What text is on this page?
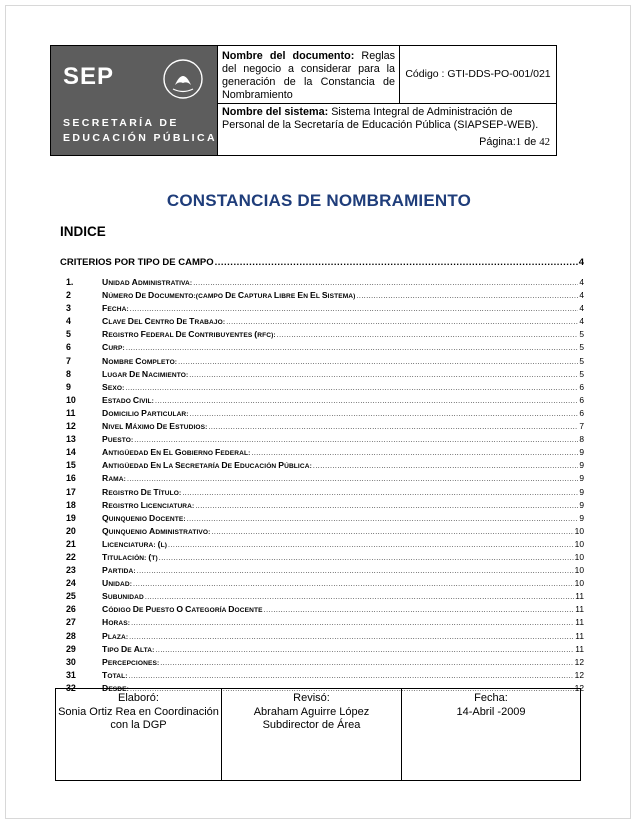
SEP
SECRETARÍA DE
EDUCACIÓN PÚBLICA
Nombre del documento: Reglas del negocio a considerar para la generación de la Constancia de Nombramiento
Código : GTI-DDS-PO-001/021
Nombre del sistema: Sistema Integral de Administración de Personal de la Secretaría de Educación Pública (SIAPSEP-WEB).
Página:1 de 42
CONSTANCIAS DE NOMBRAMIENTO
INDICE
CRITERIOS POR TIPO DE CAMPO .....	4
1.	UNIDAD ADMINISTRATIVA: .....	4
2	NÚMERO DE DOCUMENTO:(CAMPO DE CAPTURA LIBRE EN EL SISTEMA) .....	4
3	FECHA: .....	4
4	CLAVE DEL CENTRO DE TRABAJO: .....	4
5	REGISTRO FEDERAL DE CONTRIBUYENTES (RFC): .....	5
6	CURP: .....	5
7	NOMBRE COMPLETO: .....	5
8	LUGAR DE NACIMIENTO: .....	5
9	SEXO: .....	6
10	ESTADO CIVIL: .....	6
11	DOMICILIO PARTICULAR: .....	6
12	NIVEL MÁXIMO DE ESTUDIOS: .....	7
13	PUESTO: .....	8
14	ANTIGÜEDAD EN EL GOBIERNO FEDERAL: .....	9
15	ANTIGÜEDAD EN LA SECRETARÍA DE EDUCACIÓN PÚBLICA: .....	9
16	RAMA: .....	9
17	REGISTRO DE TÍTULO: .....	9
18	REGISTRO LICENCIATURA: .....	9
19	QUINQUENIO DOCENTE: .....	9
20	QUINQUENIO ADMINISTRATIVO: .....	10
21	LICENCIATURA: (L) .....	10
22	TITULACIÓN: (T) .....	10
23	PARTIDA: .....	10
24	UNIDAD: .....	10
25	SUBUNIDAD .....	11
26	CÓDIGO DE PUESTO O CATEGORÍA DOCENTE .....	11
27	HORAS: .....	11
28	PLAZA: .....	11
29	TIPO DE ALTA: .....	11
30	PERCEPCIONES: .....	12
31	TOTAL: .....	12
32	DESDE: .....	12
Elaboró:
Sonia Ortiz Rea en Coordinación con la DGP
Revisó:
Abraham Aguirre López
Subdirector de Área
Fecha:
14-Abril -2009
